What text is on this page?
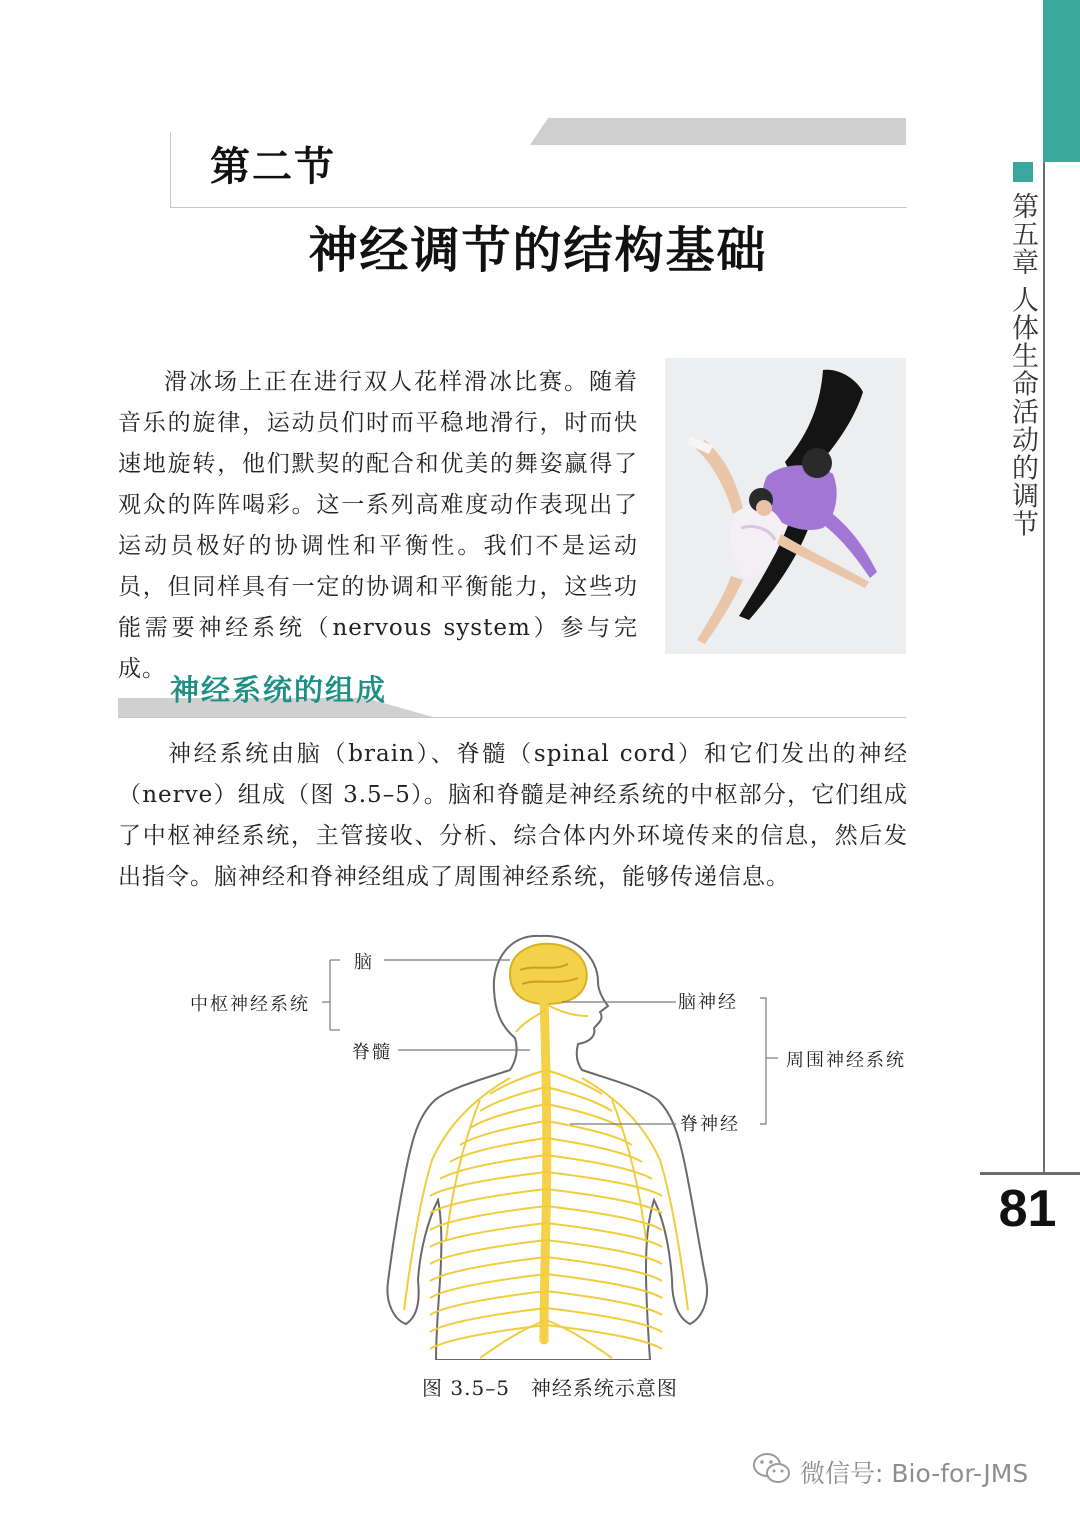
第五章 人体生命活动的调节
81
第二节
神经调节的结构基础
滑冰场上正在进行双人花样滑冰比赛。随着音乐的旋律，运动员们时而平稳地滑行，时而快速地旋转，他们默契的配合和优美的舞姿赢得了观众的阵阵喝彩。这一系列高难度动作表现出了运动员极好的协调性和平衡性。我们不是运动员，但同样具有一定的协调和平衡能力，这些功能需要神经系统（nervous system）参与完成。
神经系统的组成
神经系统由脑（brain）、脊髓（spinal cord）和它们发出的神经（nerve）组成（图 3.5–5）。脑和脊髓是神经系统的中枢部分，它们组成了中枢神经系统，主管接收、分析、综合体内外环境传来的信息，然后发出指令。脑神经和脊神经组成了周围神经系统，能够传递信息。
脑
脊髓
中枢神经系统	脑神经
脊神经
周围神经系统
图 3.5–5　神经系统示意图
微信号: Bio-for-JMS
